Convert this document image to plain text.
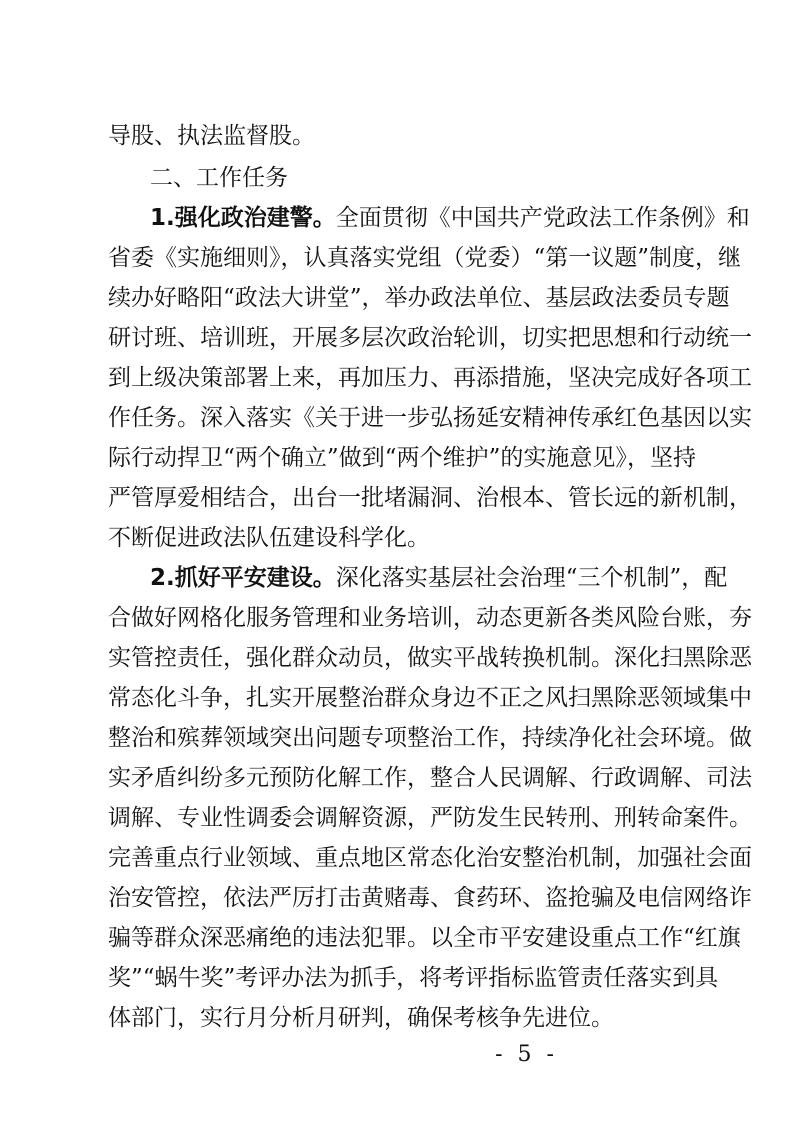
导股、执法监督股。

二、工作任务

1.强化政治建警。全面贯彻《中国共产党政法工作条例》和

省委《实施细则》，认真落实党组（党委）“第一议题”制度，继

续办好略阳“政法大讲堂”，举办政法单位、基层政法委员专题

研讨班、培训班，开展多层次政治轮训，切实把思想和行动统一

到上级决策部署上来，再加压力、再添措施，坚决完成好各项工

作任务。深入落实《关于进一步弘扬延安精神传承红色基因以实

际行动捍卫“两个确立”做到“两个维护”的实施意见》，坚持

严管厚爱相结合，出台一批堵漏洞、治根本、管长远的新机制，

不断促进政法队伍建设科学化。

2.抓好平安建设。深化落实基层社会治理“三个机制”，配

合做好网格化服务管理和业务培训，动态更新各类风险台账，夯

实管控责任，强化群众动员，做实平战转换机制。深化扫黑除恶

常态化斗争，扎实开展整治群众身边不正之风扫黑除恶领域集中

整治和殡葬领域突出问题专项整治工作，持续净化社会环境。做

实矛盾纠纷多元预防化解工作，整合人民调解、行政调解、司法

调解、专业性调委会调解资源，严防发生民转刑、刑转命案件。

完善重点行业领域、重点地区常态化治安整治机制，加强社会面

治安管控，依法严厉打击黄赌毒、食药环、盗抢骗及电信网络诈

骗等群众深恶痛绝的违法犯罪。以全市平安建设重点工作“红旗

奖”“蜗牛奖”考评办法为抓手，将考评指标监管责任落实到具

体部门，实行月分析月研判，确保考核争先进位。

- 5 -
